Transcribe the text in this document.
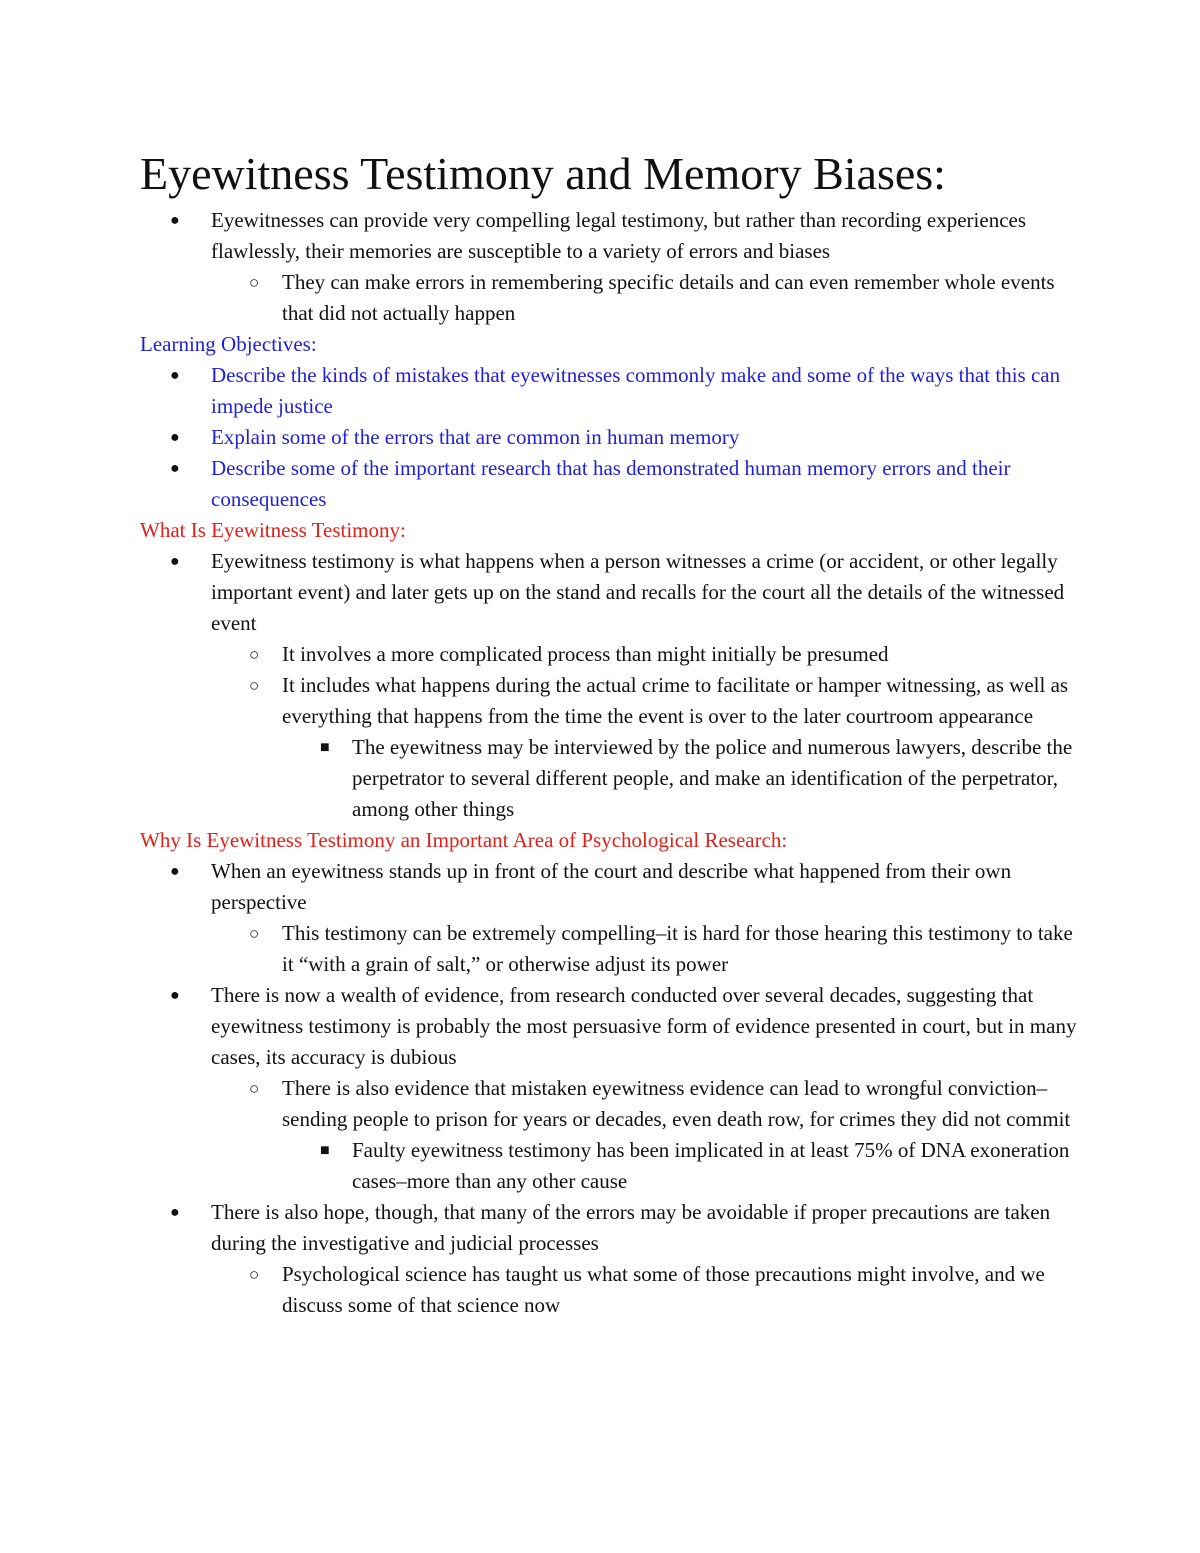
Eyewitness Testimony and Memory Biases:
● Eyewitnesses can provide very compelling legal testimony, but rather than recording experiences flawlessly, their memories are susceptible to a variety of errors and biases
○ They can make errors in remembering specific details and can even remember whole events that did not actually happen
Learning Objectives:
● Describe the kinds of mistakes that eyewitnesses commonly make and some of the ways that this can impede justice
● Explain some of the errors that are common in human memory
● Describe some of the important research that has demonstrated human memory errors and their consequences
What Is Eyewitness Testimony:
● Eyewitness testimony is what happens when a person witnesses a crime (or accident, or other legally important event) and later gets up on the stand and recalls for the court all the details of the witnessed event
○ It involves a more complicated process than might initially be presumed
○ It includes what happens during the actual crime to facilitate or hamper witnessing, as well as everything that happens from the time the event is over to the later courtroom appearance
■ The eyewitness may be interviewed by the police and numerous lawyers, describe the perpetrator to several different people, and make an identification of the perpetrator, among other things
Why Is Eyewitness Testimony an Important Area of Psychological Research:
● When an eyewitness stands up in front of the court and describe what happened from their own perspective
○ This testimony can be extremely compelling–it is hard for those hearing this testimony to take it “with a grain of salt,” or otherwise adjust its power
● There is now a wealth of evidence, from research conducted over several decades, suggesting that eyewitness testimony is probably the most persuasive form of evidence presented in court, but in many cases, its accuracy is dubious
○ There is also evidence that mistaken eyewitness evidence can lead to wrongful conviction–sending people to prison for years or decades, even death row, for crimes they did not commit
■ Faulty eyewitness testimony has been implicated in at least 75% of DNA exoneration cases–more than any other cause
● There is also hope, though, that many of the errors may be avoidable if proper precautions are taken during the investigative and judicial processes
○ Psychological science has taught us what some of those precautions might involve, and we discuss some of that science now
